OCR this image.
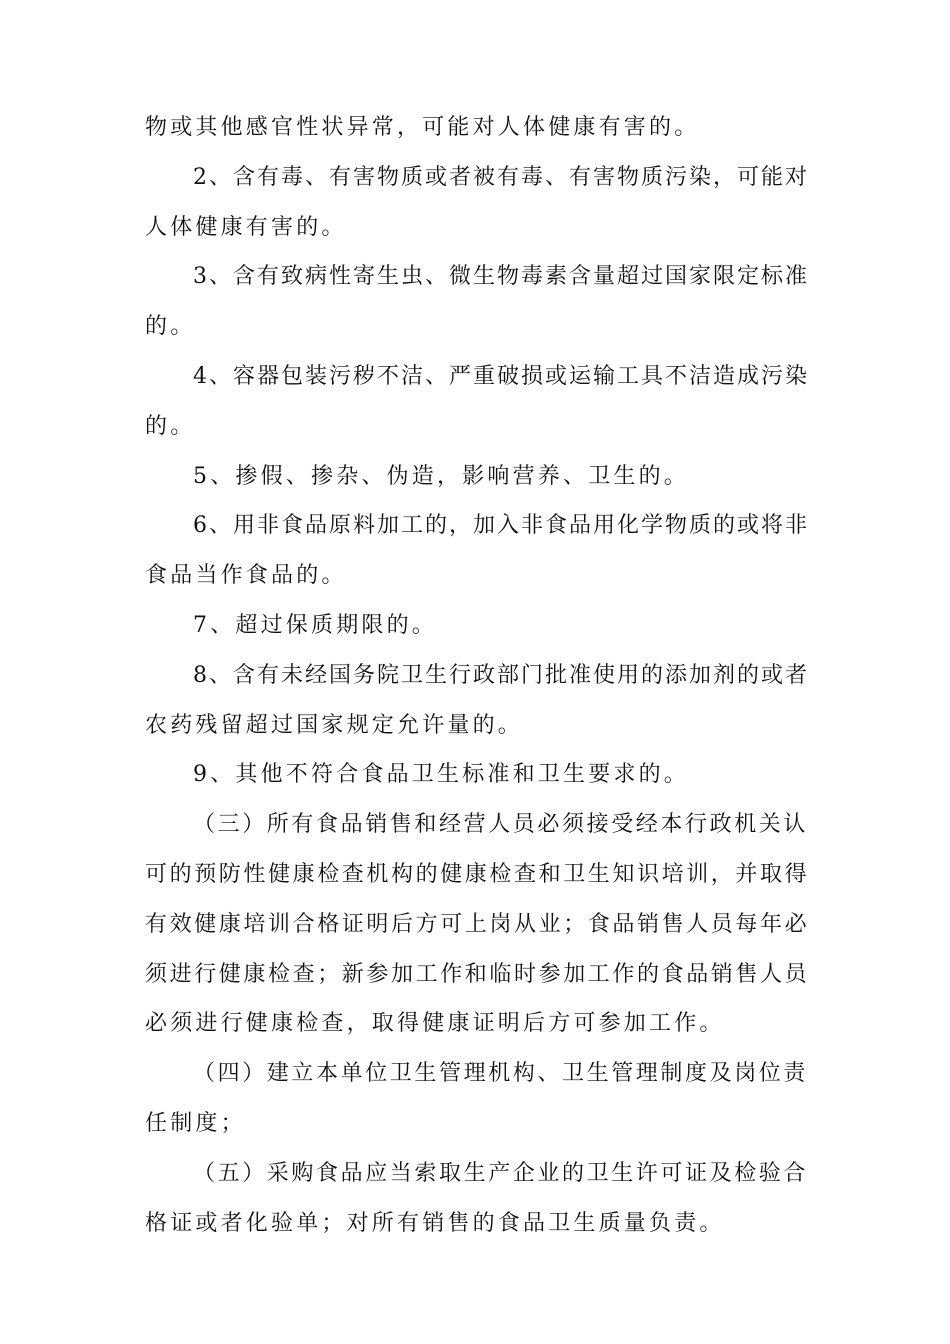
物或其他感官性状异常，可能对人体健康有害的。
2、含有毒、有害物质或者被有毒、有害物质污染，可能对
人体健康有害的。
3、含有致病性寄生虫、微生物毒素含量超过国家限定标准
的。
4、容器包装污秽不洁、严重破损或运输工具不洁造成污染
的。
5、掺假、掺杂、伪造，影响营养、卫生的。
6、用非食品原料加工的，加入非食品用化学物质的或将非
食品当作食品的。
7、超过保质期限的。
8、含有未经国务院卫生行政部门批准使用的添加剂的或者
农药残留超过国家规定允许量的。
9、其他不符合食品卫生标准和卫生要求的。
（三）所有食品销售和经营人员必须接受经本行政机关认
可的预防性健康检查机构的健康检查和卫生知识培训，并取得
有效健康培训合格证明后方可上岗从业；食品销售人员每年必
须进行健康检查；新参加工作和临时参加工作的食品销售人员
必须进行健康检查，取得健康证明后方可参加工作。
（四）建立本单位卫生管理机构、卫生管理制度及岗位责
任制度；
（五）采购食品应当索取生产企业的卫生许可证及检验合
格证或者化验单；对所有销售的食品卫生质量负责。
